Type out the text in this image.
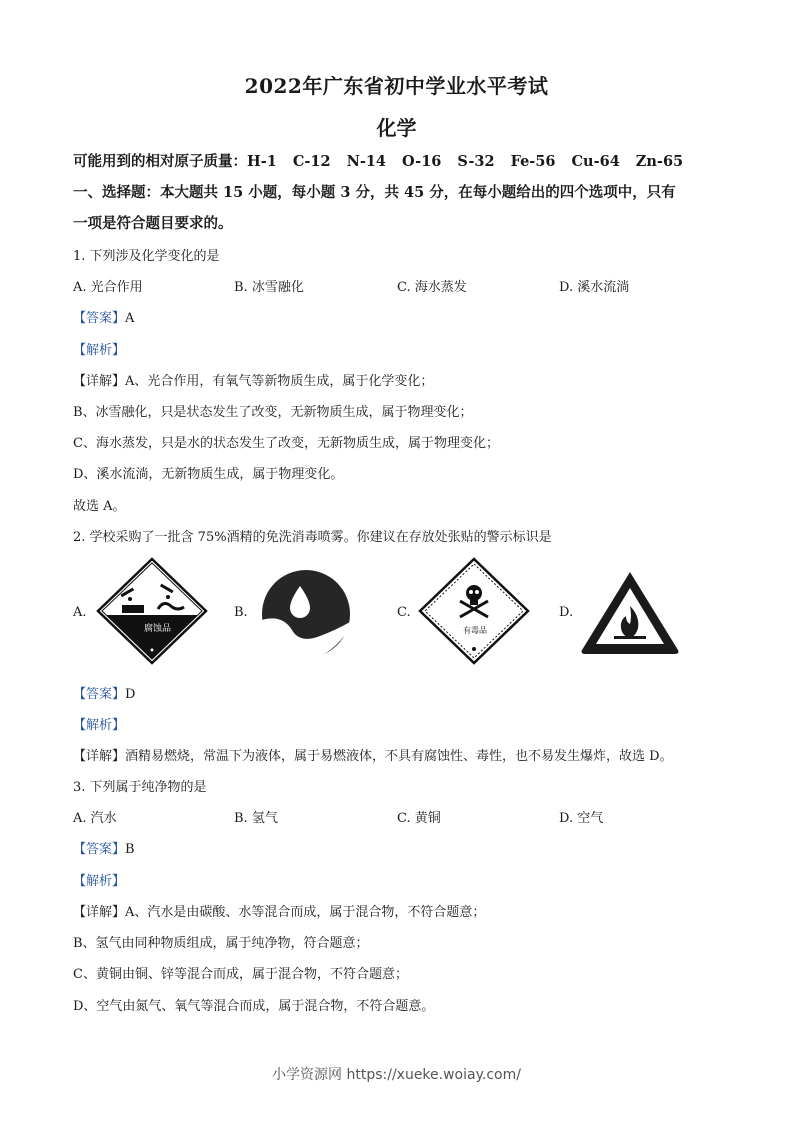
2022年广东省初中学业水平考试
化学
可能用到的相对原子质量：H-1 C-12 N-14 O-16 S-32 Fe-56 Cu-64 Zn-65
一、选择题：本大题共 15 小题，每小题 3 分，共 45 分，在每小题给出的四个选项中，只有
一项是符合题目要求的。
1. 下列涉及化学变化的是
A. 光合作用	B. 冰雪融化	C. 海水蒸发	D. 溪水流淌
【答案】A
【解析】
【详解】A、光合作用，有氧气等新物质生成，属于化学变化；
B、冰雪融化，只是状态发生了改变，无新物质生成，属于物理变化；
C、海水蒸发，只是水的状态发生了改变，无新物质生成，属于物理变化；
D、溪水流淌，无新物质生成，属于物理变化。
故选 A。
2. 学校采购了一批含 75%酒精的免洗消毒喷雾。你建议在存放处张贴的警示标识是
A.
腐蚀品
B.	C.
有毒品
D.
【答案】D
【解析】
【详解】酒精易燃烧，常温下为液体，属于易燃液体，不具有腐蚀性、毒性，也不易发生爆炸，故选 D。
3. 下列属于纯净物的是
A. 汽水	B. 氢气	C. 黄铜	D. 空气
【答案】B
【解析】
【详解】A、汽水是由碳酸、水等混合而成，属于混合物，不符合题意；
B、氢气由同种物质组成，属于纯净物，符合题意；
C、黄铜由铜、锌等混合而成，属于混合物，不符合题意；
D、空气由氮气、氧气等混合而成，属于混合物，不符合题意。
小学资源网 https://xueke.woiay.com/
